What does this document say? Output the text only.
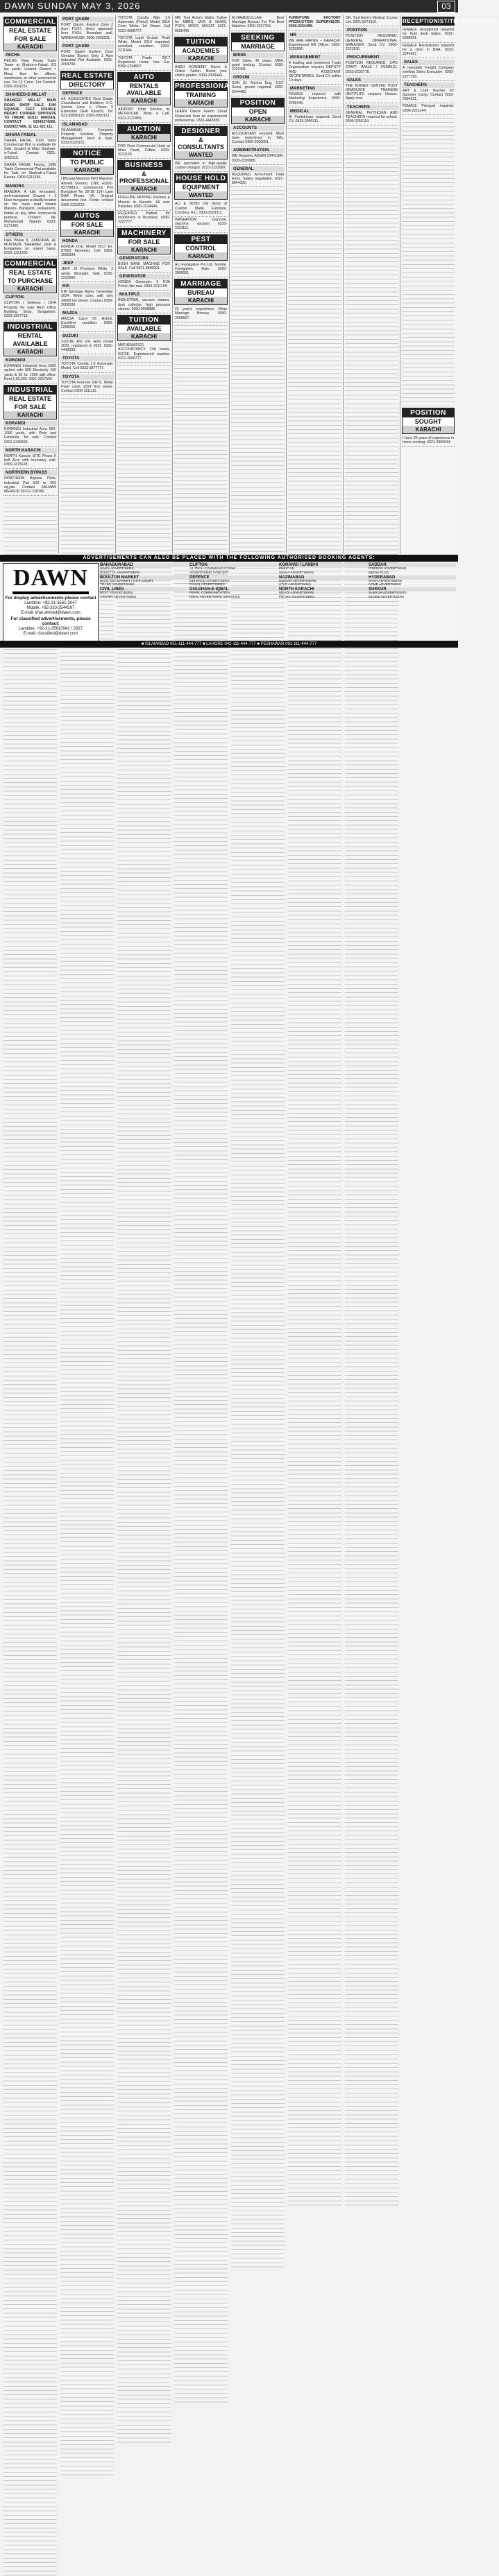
DAWN SUNDAY MAY 3, 2026	03
COMMERCIAL
REAL ESTATE
FOR SALE
KARACHI
PECHS
PECHS: Near Pesas Trade Tower at Shahra-e-Faisal. 2/3 lac yards, Leased Ground + Mezz floor for offices, warehouse, or other commercial use. Rs 12 Crore. For Contact: 0300-2091231.
SHAHEED-E-MILLAT
SHAHEED MILLAT MAIN ROAD SHOP SALE 1100 SQUARE FEET DOUBLE HEIGHT CORNER OPPOSITE TO HAIDRI GOLD MAIDAN. CONTACT 03342274266, 03229227666, 11 111 621 111.
SHARA FAISAL
SHARA FAISAL 1000 Yards Commercial Plot is available for Sale, located at Main Shahrah-e-Faisal. Contact 0321-2052115.
SHARA FAISAL Facing, 1000 Yards Commercial Plot available for Sale on Shahrah-e-Faisal Karsaz. 0300-9211326.
MANORA
MANORA: A fully renovated, well-maintained Ground + 1 Floor bungalow is ideally located on the main road toward Manora. Banquets, restaurants, hotels or any other commercial purpose. Contact: Mr. Muhammad Naeem 0333-2171435.
OTHERS
DHA Phase 8, ZAMZAMA, AL MURTAZA, SHAHBAZ, plots & bungalows on urgent basis. 0331-1221300.
COMMERCIAL
REAL ESTATE
TO PURCHASE
KARACHI
CLIFTON
CLIFTON / Defense / DHA Property for Sale Rent Office Building, Shop, Bungalows. 0333-3337718.
INDUSTRIAL
RENTAL
AVAILABLE
KARACHI
KORANGI
KORANGI Industrial Area 5000 sq.feet with 800 Electricity 100 yards & 50 kv, 1000 sqft office. Rent 5,50,000. 0321-2017560.
INDUSTRIAL
REAL ESTATE
FOR SALE
KARACHI
KORANGI
KORANGI Industrial Area 600-1000 yards, with Plots and Factories, for sale. Contact 0321-2449968.
NORTH KARACHI
NORTH Karachi SITE Phase II half Acre with boundary wall. 0300-2475628.
NORTHERN BYPASS
NORTHERN Bypass Plots, Industrial Plot 500 to 600 sq.yds. Contact SALMAN MEHSUD 0313-1228166.
PORT QASIM
PORT Qasim, Eastern Zone 2 Acre PLOT, direct approach from FHSL. Boundary wall, WAREHOUSE. 0300-2003231.
PORT QASIM
PORT Qasim Eastern Zone Genuine Buyers Only 1 Acre Industrial Plot Available. 0321-2094794.
REAL ESTATE
DIRECTORY
DEFENCE
AK ASSOCIATES Real Estate Consultants and Builders, 5-C, Sunset Lane 1, Phase II Extension DHA Karachi. Tel: 021-35890123, 0300-2000112.
ISLAMABAD
ISLAMABAD: Complete Property Solution. Property Management, Rent & Sale. 0333-5220101.
NOTICE
TO PUBLIC
KARACHI
I Bhuvaji Mansoor W/O Mansoor Ahmed Soomro, CNIC 42201-0277889-2, Commercial Plot Bungalow No 30-1B 11th Lane DHA Phase VII. Original documents lost. Finder contact 0300-2222222.
AUTOS
FOR SALE
KARACHI
HONDA
HONDA Civic Model 2017 Ex. 87000 Kilometer, Cell 0300-2000334.
JEEP
JEEP JS Premium White, 3 serial, Wrangler, Sale. 0335-2222666.
KIA
KIA Sportage Alpha, November 2024, White color, with only 24000 km driven. Contact 0300-2000000.
MAZDA
MAZDA Carol 05 Hybrid. Excellent condition. 0300-2255555.
SUZUKI
SUZUKI Alto VXL AGS model 2022, registered in 2023. 0321-4443333.
TOYOTA
TOYOTA Corolla 1.6 Automatic Model. Cell 0333-2877777.
TOYOTA
TOYOTA Fortuner GR-S, White Pearl color, 2024 first owner. Contact 0300-1111111.
TOYOTA Corolla Altis 1.6 Automatic (Petrol) Model 2016 Color White, 1st Owner. Call 0321-9988777.
TOYOTA Land Cruiser Pearl White, Model 2016 imported, excellent condition. 0300-2211444.
TOYOTA Prado 2017 Registered Home Use Car. 0300-1234567.
AUTO
RENTALS AVAILABLE
KARACHI
AIRPORT Drop Service by METROCAB. Book a Cab. 0321-2122456.
AUCTION
KARACHI
FOR Rent Commercial Hotel at Main Road, Clifton. 0333-3221133.
BUSINESS
& PROFESSIONAL
KARACHI
FREELINE MOVING Packers & Movers in Karachi. All over Pakistan. 0300-2224444.
REQUIRED Partner for investment in Business. 0300-3337777.
MACHINERY
FOR SALE
KARACHI
GENERATORS
BUSH BANK MACHINE FOR SALE. Call 0321-8880001.
GENERATOR
HONDA Generator 6 KVA Petrol, like new. 0333-2211199.
MULTIPLE
INDUSTRIAL vacuum cleaner, dust collector, high pressure cleaner. 0300-9998888.
TUITION
AVAILABLE
KARACHI
MATHEMATICS ACCOUNTANCY. O/A levels, IGCSE. Experienced teacher. 0321-2666777.
MR. Touf Amin's Maths Tuition for MBBS, UHS & NUMS, PGFS, MRCP, MDCAT. 0321-6655443.
TUITION
ACADEMIES
KARACHI
ANSH ACADEMY Home & Online Tuition. Boost your child's grades. 0300-2333444.
PROFESSIONAL
TRAINING
KARACHI
LEARN Oracle Fusion Cloud Financials from an experienced professional. 0333-4445555.
DESIGNER
& CONSULTANTS
WANTED
WE specialize in high-quality custom designs. 0321-2222999.
HOUSE HOLD
EQUIPMENT
WANTED
ALI & SONS Old Items of Custom Made Furniture, Crockery, A.C. 0300-2223311.
WASHROOM Disposal, machine, vacuum. 0333-2321111.
PEST
CONTROL
KARACHI
ALI Fumigation Pvt Ltd, Termite, Fumigation, Rats. 0300-2800001.
MARRIAGE
BUREAU
KARACHI
21 year's experience. Khan Marriage Bureau. 0300-2655567.
ALHAMDULILLAH Best Marriage Bureau For The Best Matches. 0300-2627755.
SEEKING
MARRIAGE
BRIDE
FOR Sister, 42 years, MBA, good looking. Contact 0300-2222441.
GROOM
SON 31 Mecha Eng, 5'10" Sunni, groom required. 0300-2444455.
POSITION
OPEN
KARACHI
ACCOUNTS
ACCOUNTANT required. Must have experience in Tally. Contact 0300-2000001.
ADMINISTRATION
WE Requires ADMIN OFFICER. 0333-2299988.
GENERAL
REQUIRED Accountant Data Entry. Salary negotiable. 0321-8844332.
FURNITURE FACTORY PRODUCTION SUPERVISOR. 0300-2234499.
HR
WE ARE HIRING – KARACHI. Experienced HR Officer. 0300-2233556.
MANAGEMENT
A leading and prominent Trade Organization requires DEPUTY AND ASSISTANT SECRETARIES. Send CV within 10 days.
MARKETING
FEMALE required with Marketing Experience. 0300-2299445.
MEDICAL
AI Pediatrician required. Send CV. 0333-2990111.
DR. Touf Amin's Medical Course Uni. 0321-8271516.
POSITION
POSITION REQUIRED: GENERAL OPERATIONAL MANAGER. Send CV. 0300-2221100.
PROCUREMENT
POSITION REQUIRED: OPD STAFF (MALE / FEMALE). 0333-2233778.
SALES
THE KIDNEY CENTRE POST GRADUATE TRAINING INSTITUTE requires Nurses. Apply now.
TEACHERS
GENERAL PHYSICIAN AND TEACHERS required for school. 0300-2255119.
RECEPTIONIST/TELEOPERATOR
FEMALE receptionist required for front desk duties. 0321-2288991.
FEMALE Receptionist required for a clinic in DHA. 0333-2244567.
SALES
A reputable Freight Company seeking Sales Executive. 0300-2277755.
TEACHERS
ART & Craft Teacher for Summer Camp. Contact 0323-7654321.
FEMALE Principal required. 0300-2221144.
POSITION
SOUGHT
KARACHI
I have 20 years of experience in home cooking. 0321-2900044.
ADVERTISEMENTS CAN ALSO BE PLACED WITH THE FOLLOWING AUTHORISED BOOKING AGENTS:
DAWN
For display advertisements please contact
Landline: +92-21-3561-3047
Mobile: +92-333-3544597
E-mail: irfan.ahmed@dawn.com
For classified advertisements, please contact:
Landline: +92-21-35610941 / 2927
E-mail: classified@dawn.com
BAHADURABAD
MARS ADVERTISERS
ROSETTE ADVERTISERS
BOULTON MARKET
BOULTON MARKET / CITY COURT
TRANS ADVERTISING
CIVIL LINES
BEST ADVERTISERS
CROWN ADVERTISING
CLIFTON
A1 TECH COMMUNICATIONS
ADVERTISING CONCEPT
DEFENCE
DEFENCE ADVERTISERS
FAISAL ADVERTISERS
GULSHAN-E-IQBAL
PEARL COMMUNICATION
IDEAL ADVERTISING SERVICES
KORANGI / LANDHI
PRINT AD
SIGMA ADVERTISERS
NAZIMABAD
RIZWAN ADVERTISERS
STAR ADVERTISING
NORTH KARACHI
MEHDI ADVERTISERS
PECHS ADVERTISERS
SADDAR
FRIENDS ADVERTISING
MEDIA PLUS
HYDERABAD
SHAH ADVERTISERS
ACME ADVERTISING
SUKKUR
SUKKUR ADVERTISERS
GLOBE ADVERTISERS
■ ISLAMABAD 051-111-444-777 ■ LAHORE 042-111-444-777 ■ PESHAWAR 091-111-444-777
